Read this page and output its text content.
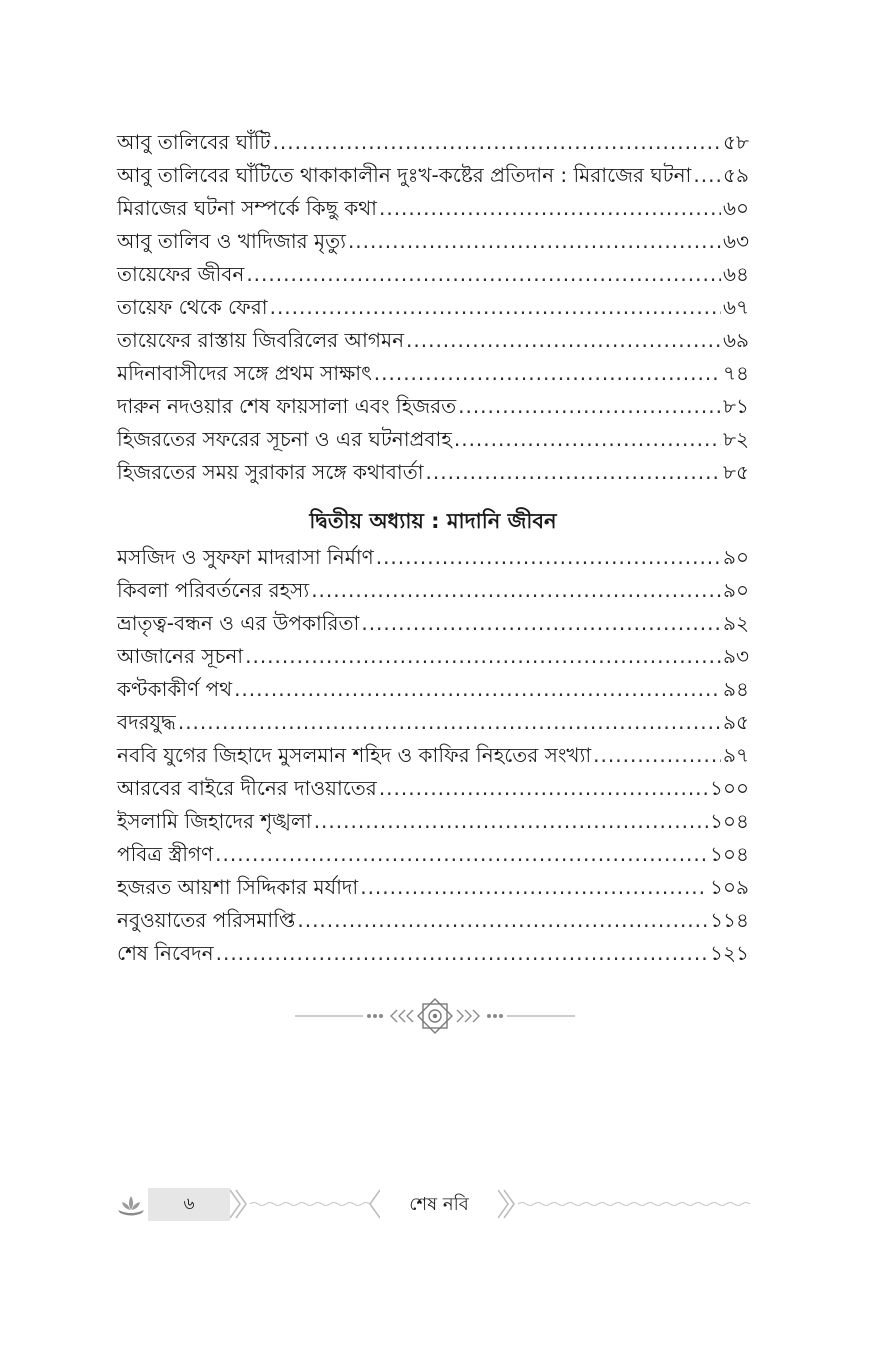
আবু তালিবের ঘাঁটি .....	৫৮
আবু তালিবের ঘাঁটিতে থাকাকালীন দুঃখ-কষ্টের প্রতিদান : মিরাজের ঘটনা ..... ৫৯
মিরাজের ঘটনা সম্পর্কে কিছু কথা .....	৬০
আবু তালিব ও খাদিজার মৃত্যু .....	৬৩
তায়েফের জীবন .....	৬৪
তায়েফ থেকে ফেরা .....	৬৭
তায়েফের রাস্তায় জিবরিলের আগমন .....	৬৯
মদিনাবাসীদের সঙ্গে প্রথম সাক্ষাৎ .....	৭৪
দারুন নদওয়ার শেষ ফায়সালা এবং হিজরত .....	৮১
হিজরতের সফরের সূচনা ও এর ঘটনাপ্রবাহ .....	৮২
হিজরতের সময় সুরাকার সঙ্গে কথাবার্তা .....	৮৫
দ্বিতীয় অধ্যায় : মাদানি জীবন
মসজিদ ও সুফফা মাদরাসা নির্মাণ .....	৯০
কিবলা পরিবর্তনের রহস্য .....	৯০
ভ্রাতৃত্ব-বন্ধন ও এর উপকারিতা .....	৯২
আজানের সূচনা .....	৯৩
কণ্টকাকীর্ণ পথ .....	৯৪
বদরযুদ্ধ .....	৯৫
নববি যুগের জিহাদে মুসলমান শহিদ ও কাফির নিহতের সংখ্যা .....	৯৭
আরবের বাইরে দীনের দাওয়াতের .....	১০০
ইসলামি জিহাদের শৃঙ্খলা .....	১০৪
পবিত্র স্ত্রীগণ .....	১০৪
হজরত আয়শা সিদ্দিকার মর্যাদা .....	১০৯
নবুওয়াতের পরিসমাপ্তি .....	১১৪
শেষ নিবেদন .....	১২১
৬	শেষ নবি
